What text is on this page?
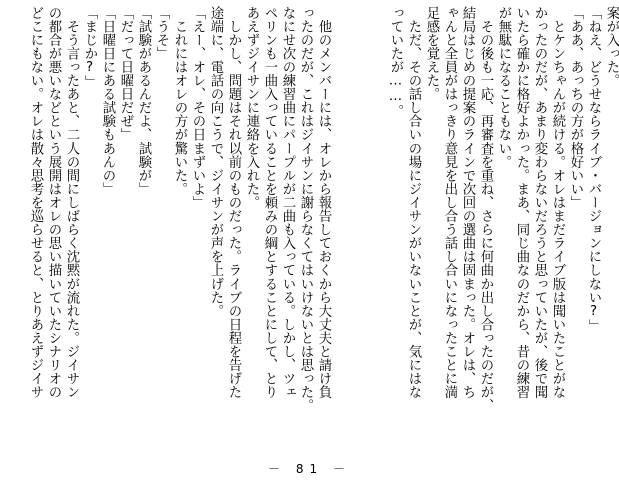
案が入った。
「ねえ、どうせならライブ・バージョンにしない?」
「ああ、あっちの方が格好いい」
　とケンちゃんが続ける。オレはまだライブ版は聞いたことがな
かったのだが、あまり変わらないだろうと思っていたが、後で聞
いたら確かに格好よかった。まあ、同じ曲なのだから、昔の練習
が無駄になることもない。
　その後も一応、再審査を重ね、さらに何曲か出し合ったのだが、
結局はじめの提案のラインで次回の選曲は固まった。オレは、ち
ゃんと全員がはっきり意見を出し合う話し合いになったことに満
足感を覚えた。
　ただ、その話し合いの場にジイサンがいないことが、気にはな
っていたが……。
　他のメンバーには、オレから報告しておくから大丈夫と請け負
ったのだが、これはジイサンに謝らなくてはいけないとは思った。
なにせ次の練習曲にパープルが二曲も入っている。しかし、ツェ
ペリンも一曲入っていることを頼みの綱とすることにして、とり
あえずジイサンに連絡を入れた。
　しかし、問題はそれ以前のものだった。ライブの日程を告げた
途端に、電話の向こうで、ジイサンが声を上げた。
「えー、オレ、その日まずいよ」
　これにはオレの方が驚いた。
「うそ」
「試験があるんだよ、試験が」
「だって日曜日だぜ」
「日曜日にある試験もあんの」
「まじか?」
　そう言ったあと、二人の間にしばらく沈黙が流れた。ジイサン
の都合が悪いなどという展開はオレの思い描いていたシナリオの
どこにもない。オレは散々思考を巡らせると、とりあえずジイサ
－ 81 －
